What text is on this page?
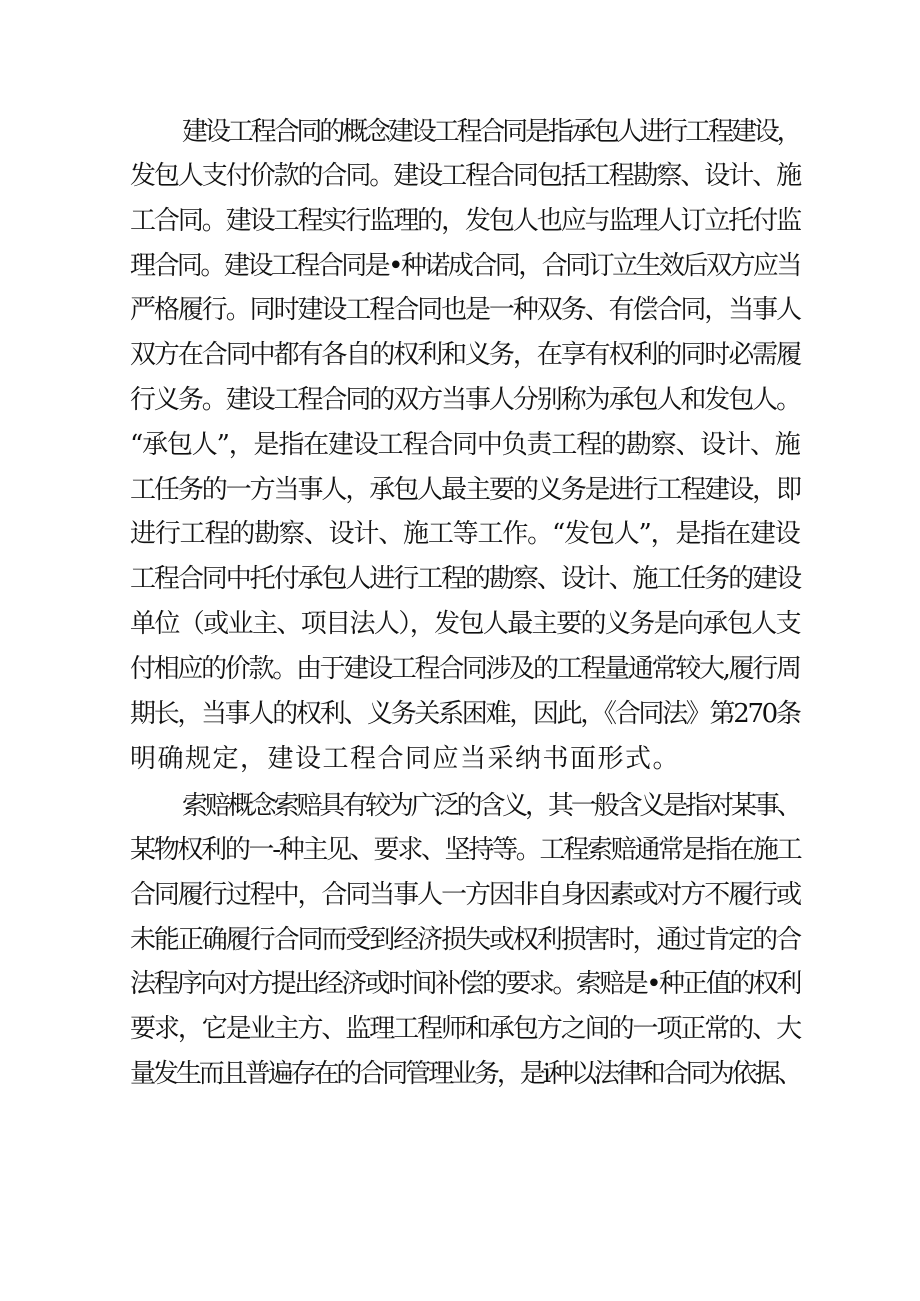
建设工程合同的概念建设工程合同是指承包人进行工程建设，
发包人支付价款的合同。建设工程合同包括工程勘察、设计、施
工合同。建设工程实行监理的，发包人也应与监理人订立托付监
理合同。建设工程合同是•种诺成合同，合同订立生效后双方应当
严格履行。同时建设工程合同也是一种双务、有偿合同，当事人
双方在合同中都有各自的权利和义务，在享有权利的同时必需履
行义务。建设工程合同的双方当事人分别称为承包人和发包人。
“承包人”，是指在建设工程合同中负责工程的勘察、设计、施
工任务的一方当事人，承包人最主要的义务是进行工程建设，即
进行工程的勘察、设计、施工等工作。“发包人”，是指在建设
工程合同中托付承包人进行工程的勘察、设计、施工任务的建设
单位（或业主、项目法人），发包人最主要的义务是向承包人支
付相应的价款。由于建设工程合同涉及的工程量通常较大,履行周
期长，当事人的权利、义务关系困难，因此，《合同法》第270条
明确规定，建设工程合同应当采纳书面形式。
索赔概念索赔具有较为广泛的含义，其一般含义是指对某事、
某物权利的一-种主见、要求、坚持等。工程索赔通常是指在施工
合同履行过程中，合同当事人一方因非自身因素或对方不履行或
未能正确履行合同而受到经济损失或权利损害时，通过肯定的合
法程序向对方提出经济或时间补偿的要求。索赔是•种正值的权利
要求，它是业主方、监理工程师和承包方之间的一项正常的、大
量发生而且普遍存在的合同管理业务，是i种以法律和合同为依据、
